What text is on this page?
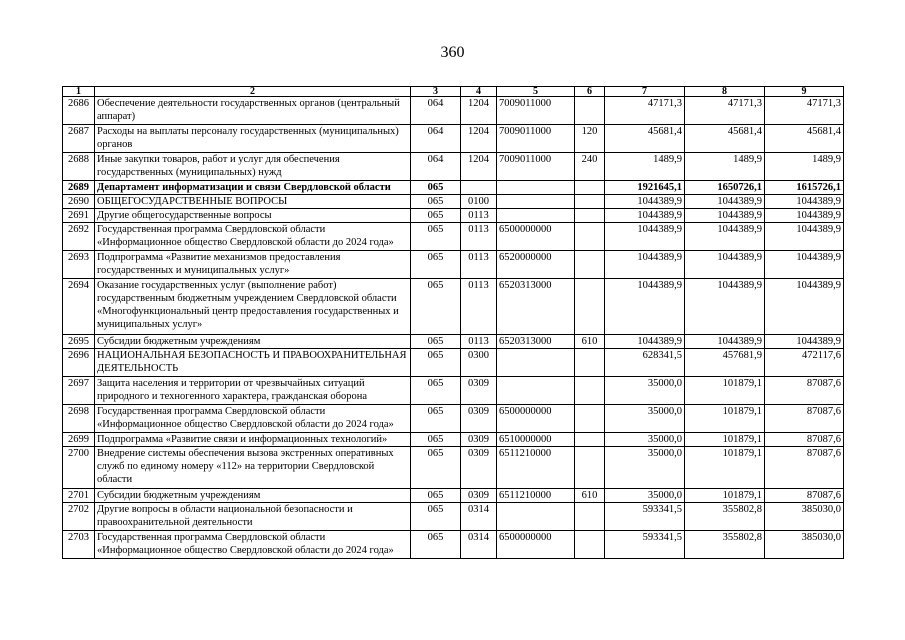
360
1	2	3	4	5	6	7	8	9
2686	Обеспечение деятельности государственных органов (центральный аппарат)	064	1204	7009011000		47171,3	47171,3	47171,3
2687	Расходы на выплаты персоналу государственных (муниципальных) органов	064	1204	7009011000	120	45681,4	45681,4	45681,4
2688	Иные закупки товаров, работ и услуг для обеспечения государственных (муниципальных) нужд	064	1204	7009011000	240	1489,9	1489,9	1489,9
2689	Департамент информатизации и связи Свердловской области	065				1921645,1	1650726,1	1615726,1
2690	ОБЩЕГОСУДАРСТВЕННЫЕ ВОПРОСЫ	065	0100			1044389,9	1044389,9	1044389,9
2691	Другие общегосударственные вопросы	065	0113			1044389,9	1044389,9	1044389,9
2692	Государственная программа Свердловской области «Информационное общество Свердловской области до 2024 года»	065	0113	6500000000		1044389,9	1044389,9	1044389,9
2693	Подпрограмма «Развитие механизмов предоставления государственных и муниципальных услуг»	065	0113	6520000000		1044389,9	1044389,9	1044389,9
2694	Оказание государственных услуг (выполнение работ) государственным бюджетным учреждением Свердловской области «Многофункциональный центр предоставления государственных и муниципальных услуг»	065	0113	6520313000		1044389,9	1044389,9	1044389,9
2695	Субсидии бюджетным учреждениям	065	0113	6520313000	610	1044389,9	1044389,9	1044389,9
2696	НАЦИОНАЛЬНАЯ БЕЗОПАСНОСТЬ И ПРАВООХРАНИТЕЛЬНАЯ ДЕЯТЕЛЬНОСТЬ	065	0300			628341,5	457681,9	472117,6
2697	Защита населения и территории от чрезвычайных ситуаций природного и техногенного характера, гражданская оборона	065	0309			35000,0	101879,1	87087,6
2698	Государственная программа Свердловской области «Информационное общество Свердловской области до 2024 года»	065	0309	6500000000		35000,0	101879,1	87087,6
2699	Подпрограмма «Развитие связи и информационных технологий»	065	0309	6510000000		35000,0	101879,1	87087,6
2700	Внедрение системы обеспечения вызова экстренных оперативных служб по единому номеру «112» на территории Свердловской области	065	0309	6511210000		35000,0	101879,1	87087,6
2701	Субсидии бюджетным учреждениям	065	0309	6511210000	610	35000,0	101879,1	87087,6
2702	Другие вопросы в области национальной безопасности и правоохранительной деятельности	065	0314			593341,5	355802,8	385030,0
2703	Государственная программа Свердловской области «Информационное общество Свердловской области до 2024 года»	065	0314	6500000000		593341,5	355802,8	385030,0
